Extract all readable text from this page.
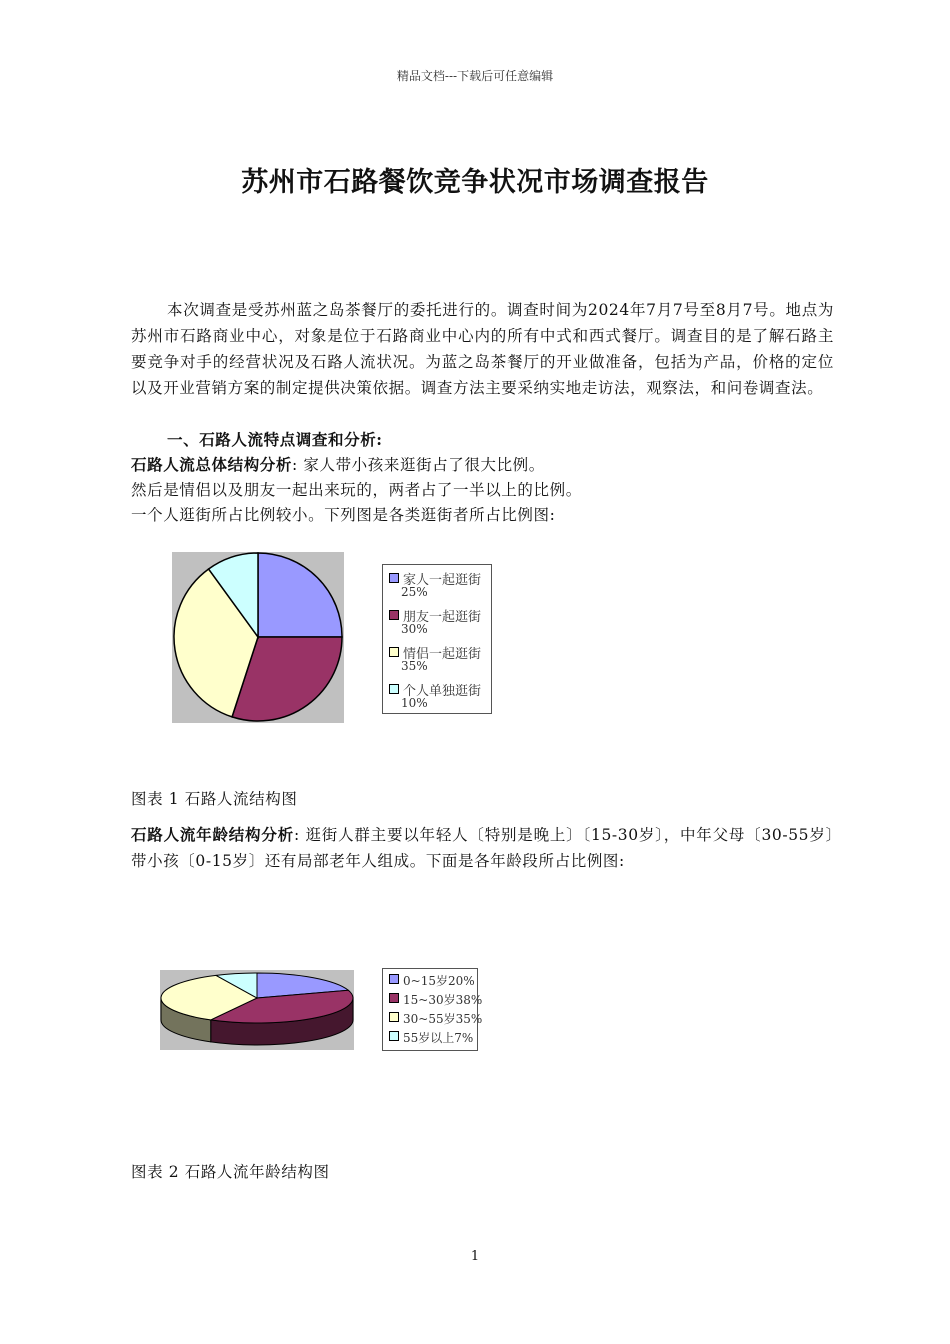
精品文档---下载后可任意编辑
苏州市石路餐饮竞争状况市场调查报告
本次调查是受苏州蓝之岛茶餐厅的委托进行的。调查时间为2024年7月7号至8月7号。地点为苏州市石路商业中心，对象是位于石路商业中心内的所有中式和西式餐厅。调查目的是了解石路主要竞争对手的经营状况及石路人流状况。为蓝之岛茶餐厅的开业做准备，包括为产品，价格的定位以及开业营销方案的制定提供决策依据。调查方法主要采纳实地走访法，观察法，和问卷调查法。
一、石路人流特点调查和分析:
石路人流总体结构分析: 家人带小孩来逛街占了很大比例。
然后是情侣以及朋友一起出来玩的，两者占了一半以上的比例。
一个人逛街所占比例较小。下列图是各类逛街者所占比例图:
家人一起逛街
25%
朋友一起逛街
30%
情侣一起逛街
35%
个人单独逛街
10%
图表 1 石路人流结构图
石路人流年龄结构分析: 逛街人群主要以年轻人〔特别是晚上〕〔15-30岁〕，中年父母〔30-55岁〕带小孩〔0-15岁〕还有局部老年人组成。下面是各年龄段所占比例图:
0~15岁20%
15~30岁38%
30~55岁35%
55岁以上7%
图表 2 石路人流年龄结构图
1
